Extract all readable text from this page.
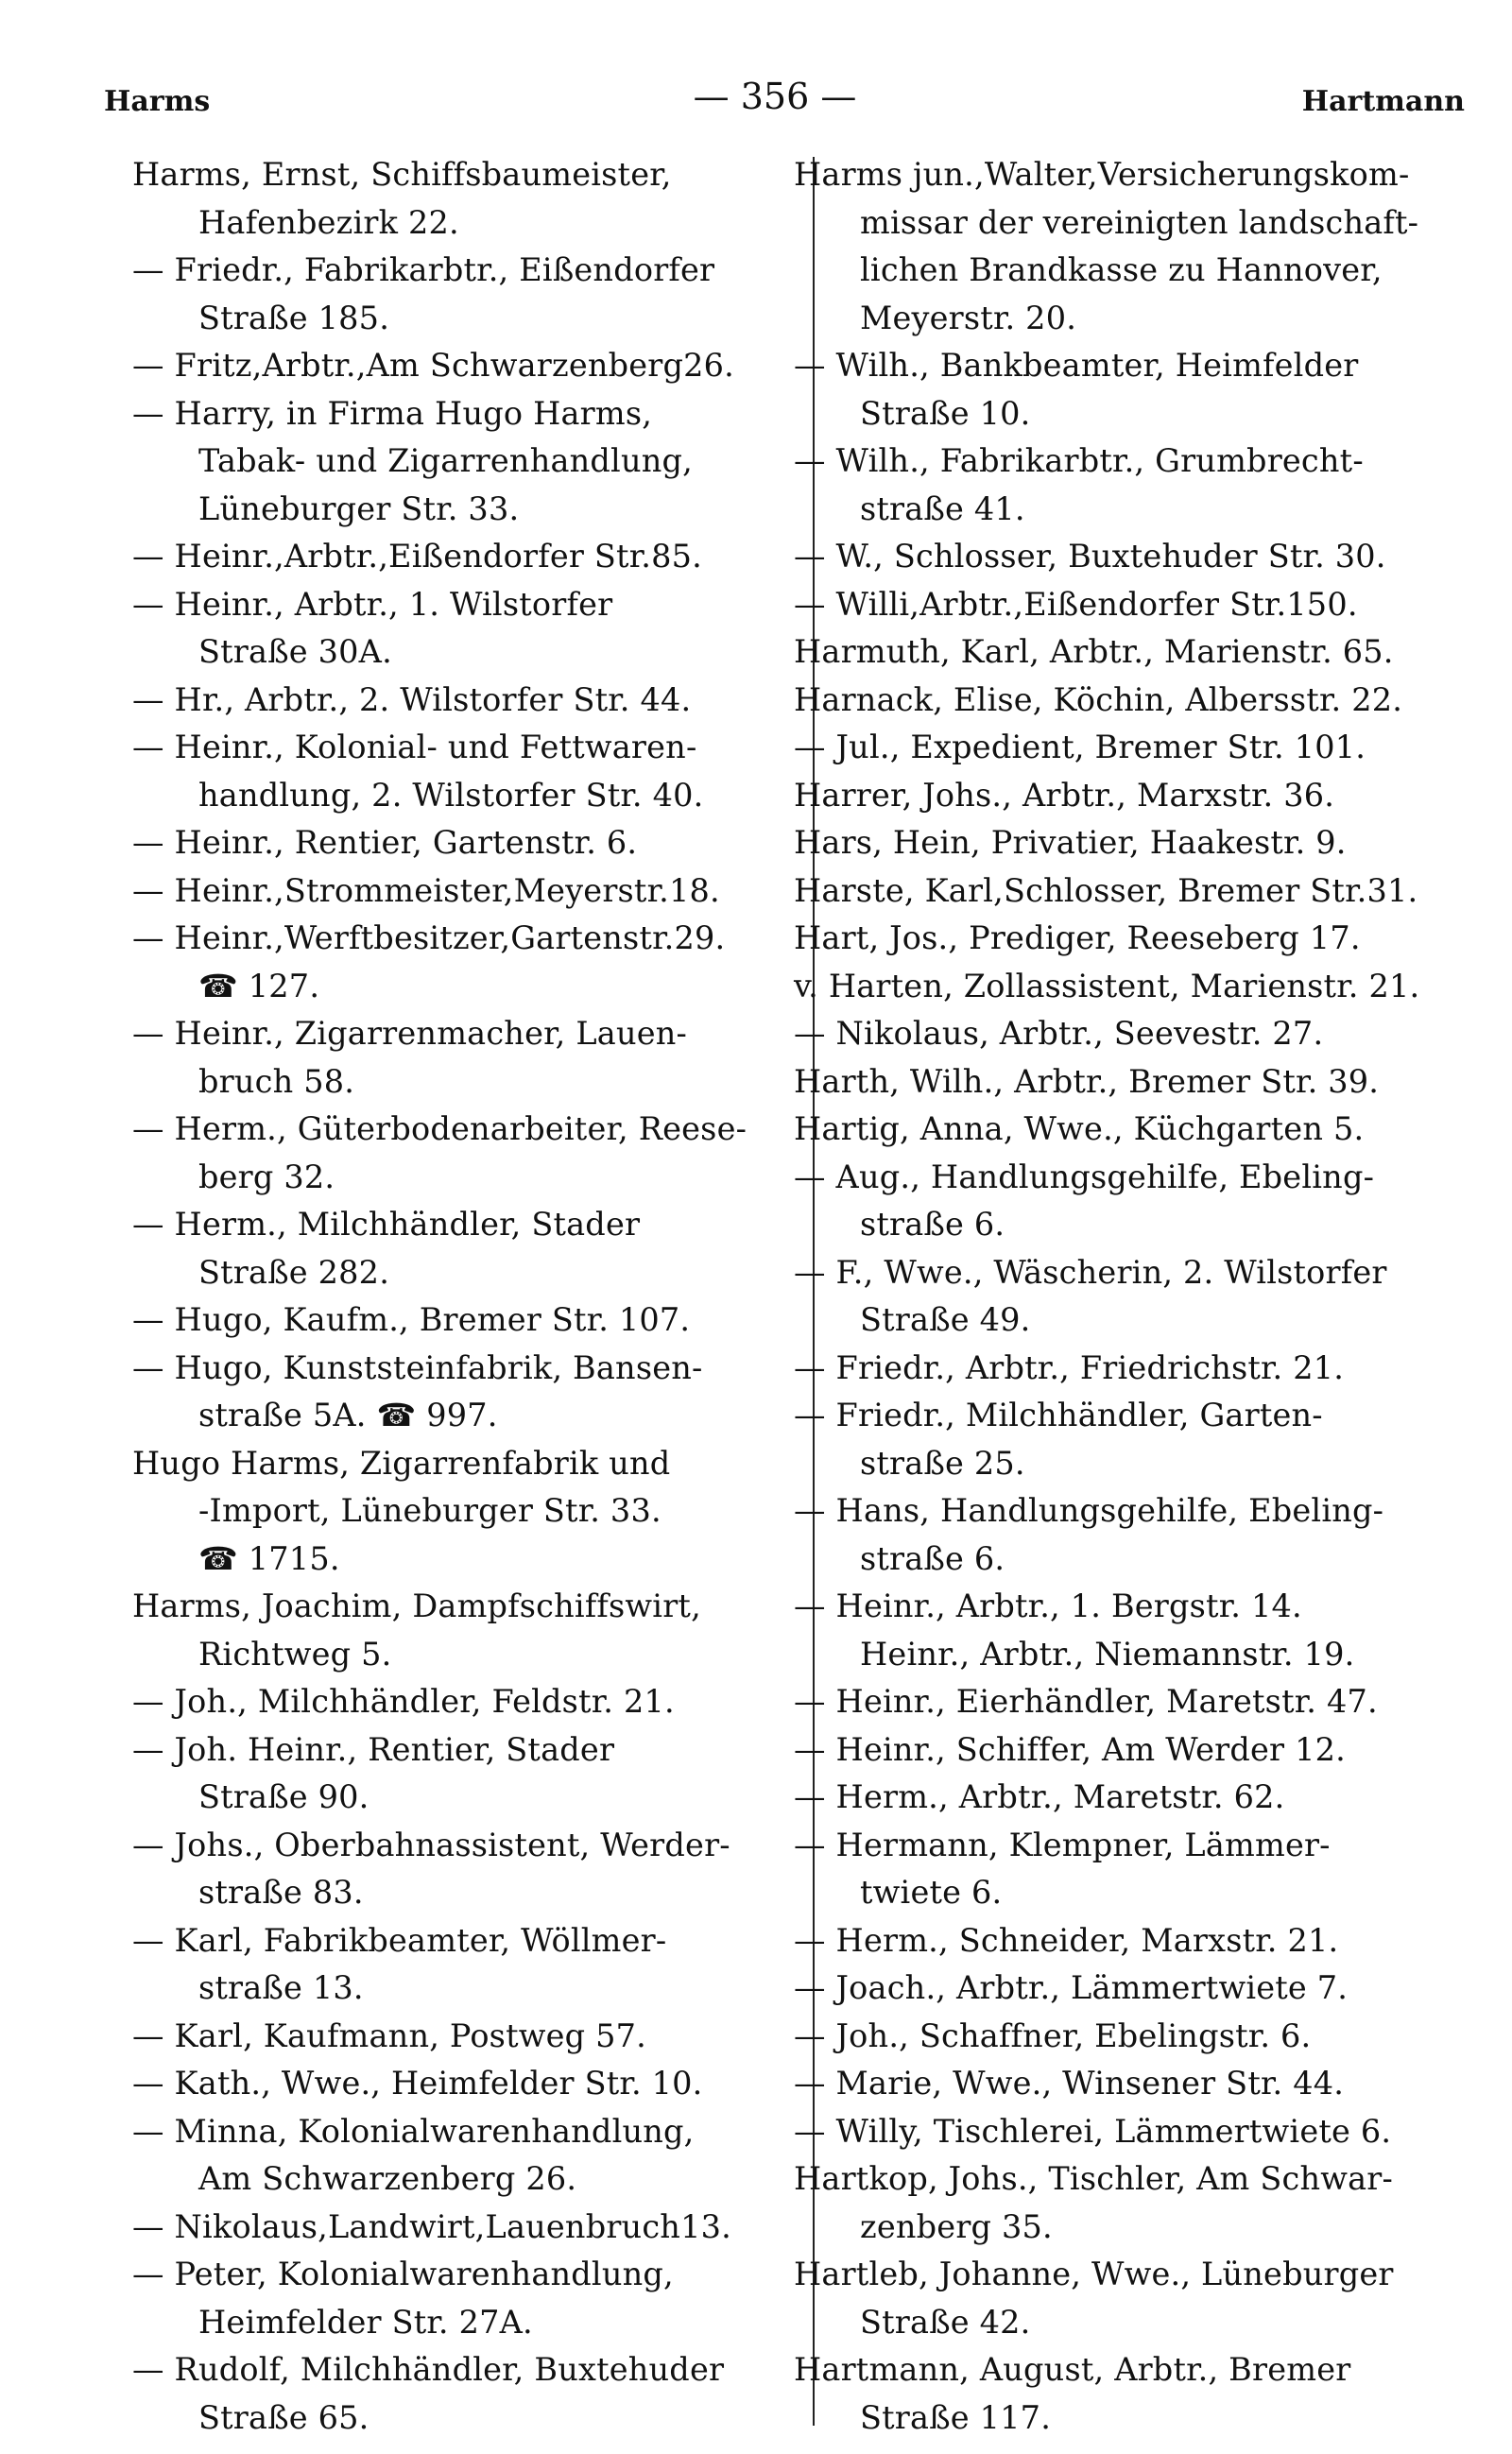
Harms	— 356 —	Hartmann
Harms, Ernst, Schiffsbaumeister,
Hafenbezirk 22.
— Friedr., Fabrikarbtr., Eißendorfer
Straße 185.
— Fritz,Arbtr.,Am Schwarzenberg26.
— Harry, in Firma Hugo Harms,
Tabak- und Zigarrenhandlung,
Lüneburger Str. 33.
— Heinr.,Arbtr.,Eißendorfer Str.85.
— Heinr., Arbtr., 1. Wilstorfer
Straße 30A.
— Hr., Arbtr., 2. Wilstorfer Str. 44.
— Heinr., Kolonial- und Fettwaren-
handlung, 2. Wilstorfer Str. 40.
— Heinr., Rentier, Gartenstr. 6.
— Heinr.,Strommeister,Meyerstr.18.
— Heinr.,Werftbesitzer,Gartenstr.29.
☎ 127.
— Heinr., Zigarrenmacher, Lauen-
bruch 58.
— Herm., Güterbodenarbeiter, Reese-
berg 32.
— Herm., Milchhändler, Stader
Straße 282.
— Hugo, Kaufm., Bremer Str. 107.
— Hugo, Kunststeinfabrik, Bansen-
straße 5A. ☎ 997.
Hugo Harms, Zigarrenfabrik und
-Import, Lüneburger Str. 33.
☎ 1715.
Harms, Joachim, Dampfschiffswirt,
Richtweg 5.
— Joh., Milchhändler, Feldstr. 21.
— Joh. Heinr., Rentier, Stader
Straße 90.
— Johs., Oberbahnassistent, Werder-
straße 83.
— Karl, Fabrikbeamter, Wöllmer-
straße 13.
— Karl, Kaufmann, Postweg 57.
— Kath., Wwe., Heimfelder Str. 10.
— Minna, Kolonialwarenhandlung,
Am Schwarzenberg 26.
— Nikolaus,Landwirt,Lauenbruch13.
— Peter, Kolonialwarenhandlung,
Heimfelder Str. 27A.
— Rudolf, Milchhändler, Buxtehuder
Straße 65.
Harms jun.,Walter,Versicherungskom-
missar der vereinigten landschaft-
lichen Brandkasse zu Hannover,
Meyerstr. 20.
— Wilh., Bankbeamter, Heimfelder
Straße 10.
— Wilh., Fabrikarbtr., Grumbrecht-
straße 41.
— W., Schlosser, Buxtehuder Str. 30.
— Willi,Arbtr.,Eißendorfer Str.150.
Harmuth, Karl, Arbtr., Marienstr. 65.
Harnack, Elise, Köchin, Albersstr. 22.
— Jul., Expedient, Bremer Str. 101.
Harrer, Johs., Arbtr., Marxstr. 36.
Hars, Hein, Privatier, Haakestr. 9.
Harste, Karl,Schlosser, Bremer Str.31.
Hart, Jos., Prediger, Reeseberg 17.
v. Harten, Zollassistent, Marienstr. 21.
— Nikolaus, Arbtr., Seevestr. 27.
Harth, Wilh., Arbtr., Bremer Str. 39.
Hartig, Anna, Wwe., Küchgarten 5.
— Aug., Handlungsgehilfe, Ebeling-
straße 6.
— F., Wwe., Wäscherin, 2. Wilstorfer
Straße 49.
— Friedr., Arbtr., Friedrichstr. 21.
— Friedr., Milchhändler, Garten-
straße 25.
— Hans, Handlungsgehilfe, Ebeling-
straße 6.
— Heinr., Arbtr., 1. Bergstr. 14.
Heinr., Arbtr., Niemannstr. 19.
— Heinr., Eierhändler, Maretstr. 47.
— Heinr., Schiffer, Am Werder 12.
— Herm., Arbtr., Maretstr. 62.
— Hermann, Klempner, Lämmer-
twiete 6.
— Herm., Schneider, Marxstr. 21.
— Joach., Arbtr., Lämmertwiete 7.
— Joh., Schaffner, Ebelingstr. 6.
— Marie, Wwe., Winsener Str. 44.
— Willy, Tischlerei, Lämmertwiete 6.
Hartkop, Johs., Tischler, Am Schwar-
zenberg 35.
Hartleb, Johanne, Wwe., Lüneburger
Straße 42.
Hartmann, August, Arbtr., Bremer
Straße 117.
